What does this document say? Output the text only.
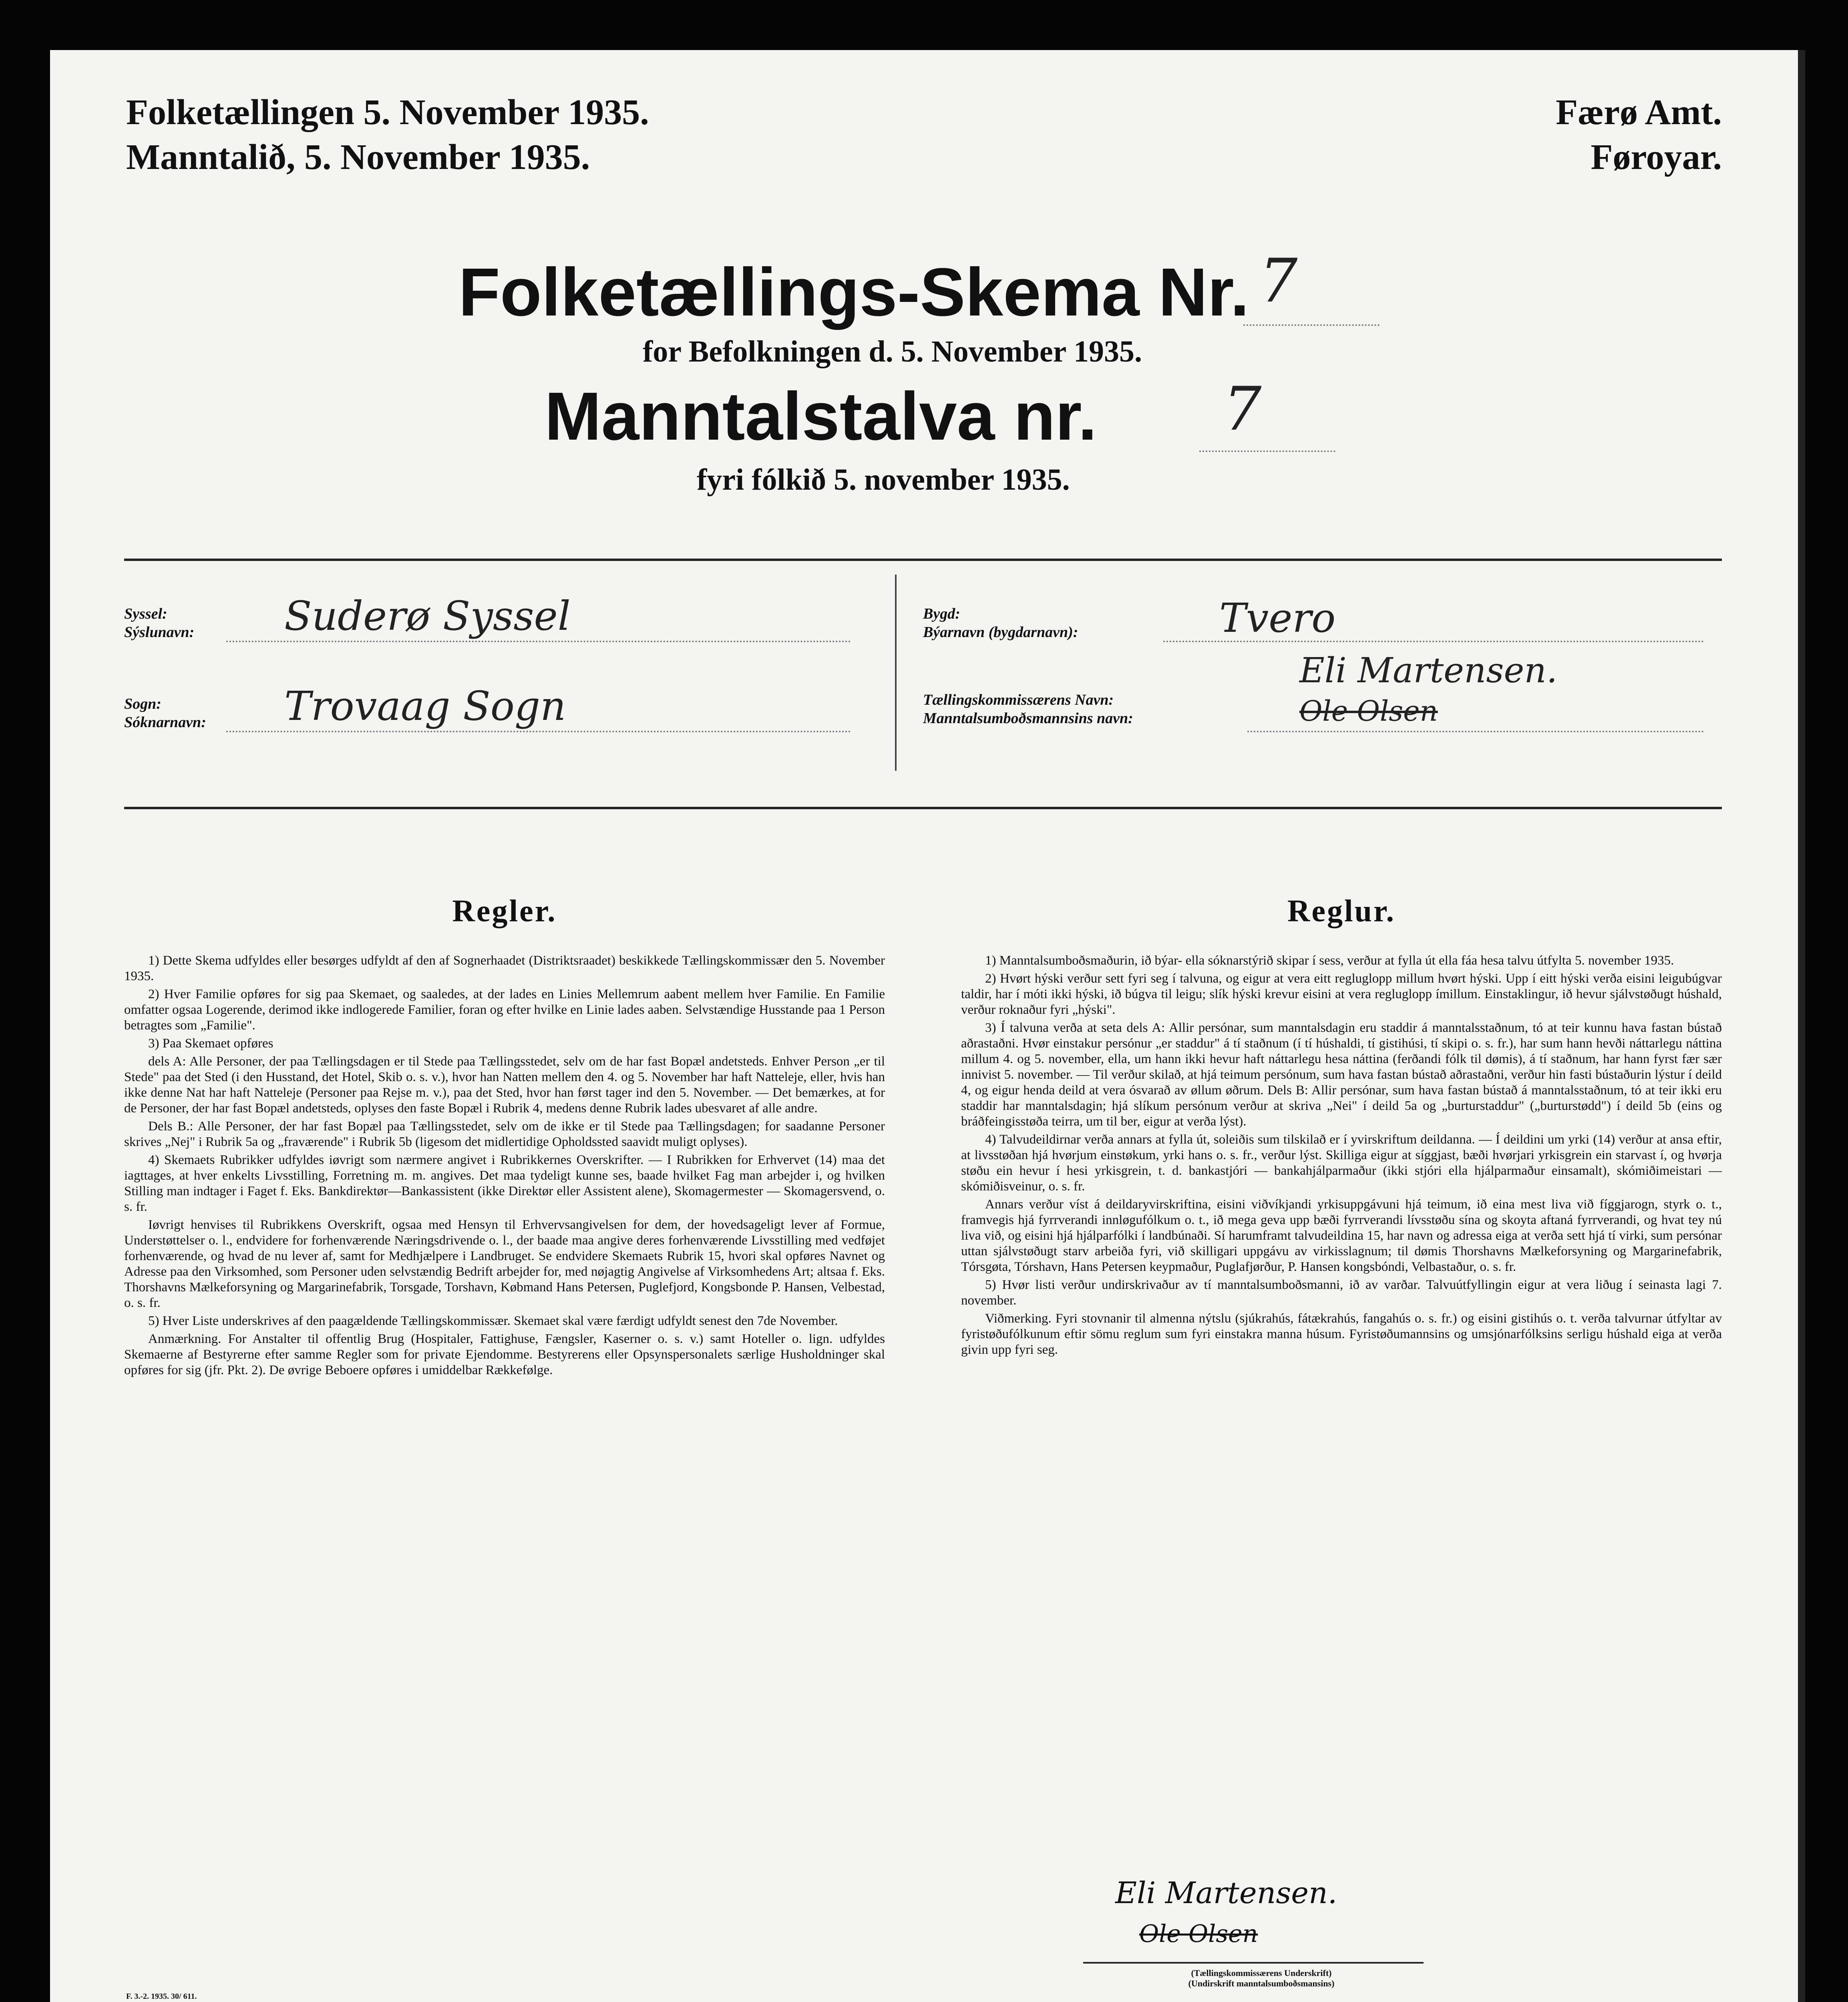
Folketællingen 5. November 1935.
Manntalið, 5. November 1935.
Færø Amt.
Føroyar.
Folketællings-Skema Nr. 7
for Befolkningen d. 5. November 1935.
Manntalstalva nr. 7
fyri fólkið 5. november 1935.
Syssel:
Sýslunavn: Suderø Syssel
Sogn:
Sóknarnavn: Trovaag Sogn
Bygd:
Býarnavn (bygdarnavn):	Tvero
Tællingskommissærens Navn:
Manntalsumboðsmannsins navn:
Eli Martensen.
Ole Olsen
Regler.

1) Dette Skema udfyldes eller besørges udfyldt af den af Sognerhaadet (Distriktsraadet) beskikkede Tællingskommissær den 5. November 1935.

2) Hver Familie opføres for sig paa Skemaet, og saaledes, at der lades en Linies Mellemrum aabent mellem hver Familie. En Familie omfatter ogsaa Logerende, derimod ikke indlogerede Familier, foran og efter hvilke en Linie lades aaben. Selvstændige Husstande paa 1 Person betragtes som „Familie".

3) Paa Skemaet opføres

dels A: Alle Personer, der paa Tællingsdagen er til Stede paa Tællingsstedet, selv om de har fast Bopæl andetsteds. Enhver Person „er til Stede" paa det Sted (i den Husstand, det Hotel, Skib o. s. v.), hvor han Natten mellem den 4. og 5. November har haft Natteleje, eller, hvis han ikke denne Nat har haft Natteleje (Personer paa Rejse m. v.), paa det Sted, hvor han først tager ind den 5. November. — Det bemærkes, at for de Personer, der har fast Bopæl andetsteds, oplyses den faste Bopæl i Rubrik 4, medens denne Rubrik lades ubesvaret af alle andre.

Dels B.: Alle Personer, der har fast Bopæl paa Tællingsstedet, selv om de ikke er til Stede paa Tællingsdagen; for saadanne Personer skrives „Nej" i Rubrik 5a og „fraværende" i Rubrik 5b (ligesom det midlertidige Opholdssted saavidt muligt oplyses).

4) Skemaets Rubrikker udfyldes iøvrigt som nærmere angivet i Rubrikkernes Overskrifter. — I Rubrikken for Erhvervet (14) maa det iagttages, at hver enkelts Livsstilling, Forretning m. m. angives. Det maa tydeligt kunne ses, baade hvilket Fag man arbejder i, og hvilken Stilling man indtager i Faget f. Eks. Bankdirektør—Bankassistent (ikke Direktør eller Assistent alene), Skomagermester — Skomagersvend, o. s. fr.

Iøvrigt henvises til Rubrikkens Overskrift, ogsaa med Hensyn til Erhvervsangivelsen for dem, der hovedsageligt lever af Formue, Understøttelser o. l., endvidere for forhenværende Næringsdrivende o. l., der baade maa angive deres forhenværende Livsstilling med vedføjet forhenværende, og hvad de nu lever af, samt for Medhjælpere i Landbruget. Se endvidere Skemaets Rubrik 15, hvori skal opføres Navnet og Adresse paa den Virksomhed, som Personer uden selvstændig Bedrift arbejder for, med nøjagtig Angivelse af Virksomhedens Art; altsaa f. Eks. Thorshavns Mælkeforsyning og Margarinefabrik, Torsgade, Torshavn, Købmand Hans Petersen, Puglefjord, Kongsbonde P. Hansen, Velbestad, o. s. fr.

5) Hver Liste underskrives af den paagældende Tællingskommissær. Skemaet skal være færdigt udfyldt senest den 7de November.

Anmærkning. For Anstalter til offentlig Brug (Hospitaler, Fattighuse, Fængsler, Kaserner o. s. v.) samt Hoteller o. lign. udfyldes Skemaerne af Bestyrerne efter samme Regler som for private Ejendomme. Bestyrerens eller Opsynspersonalets særlige Husholdninger skal opføres for sig (jfr. Pkt. 2). De øvrige Beboere opføres i umiddelbar Rækkefølge.

Reglur.

1) Manntalsumboðsmaðurin, ið býar- ella sóknarstýrið skipar í sess, verður at fylla út ella fáa hesa talvu útfylta 5. november 1935.

2) Hvørt hýski verður sett fyri seg í talvuna, og eigur at vera eitt regluglopp millum hvørt hýski. Upp í eitt hýski verða eisini leigubúgvar taldir, har í móti ikki hýski, ið búgva til leigu; slík hýski krevur eisini at vera regluglopp ímillum. Einstaklingur, ið hevur sjálvstøðugt húshald, verður roknaður fyri „hýski".

3) Í talvuna verða at seta dels A: Allir persónar, sum manntalsdagin eru staddir á manntalsstaðnum, tó at teir kunnu hava fastan bústað aðrastaðni. Hvør einstakur persónur „er staddur" á tí staðnum (í tí húshaldi, tí gistihúsi, tí skipi o. s. fr.), har sum hann hevði náttarlegu náttina millum 4. og 5. november, ella, um hann ikki hevur haft náttarlegu hesa náttina (ferðandi fólk til dømis), á tí staðnum, har hann fyrst fær sær innivist 5. november. — Til verður skilað, at hjá teimum persónum, sum hava fastan bústað aðrastaðni, verður hin fasti bústaðurin lýstur í deild 4, og eigur henda deild at vera ósvarað av øllum øðrum. Dels B: Allir persónar, sum hava fastan bústað á manntalsstaðnum, tó at teir ikki eru staddir har manntalsdagin; hjá slíkum persónum verður at skriva „Nei" í deild 5a og „burturstaddur" („burturstødd") í deild 5b (eins og bráðfeingisstøða teirra, um til ber, eigur at verða lýst).

4) Talvudeildirnar verða annars at fylla út, soleiðis sum tilskilað er í yvirskriftum deildanna. — Í deildini um yrki (14) verður at ansa eftir, at livsstøðan hjá hvørjum einstøkum, yrki hans o. s. fr., verður lýst. Skilliga eigur at síggjast, bæði hvørjari yrkisgrein ein starvast í, og hvørja støðu ein hevur í hesi yrkisgrein, t. d. bankastjóri — bankahjálparmaður (ikki stjóri ella hjálparmaður einsamalt), skómiðimeistari — skómiðisveinur, o. s. fr.

Annars verður víst á deildaryvirskriftina, eisini viðvíkjandi yrkisuppgávuni hjá teimum, ið eina mest liva við fíggjarogn, styrk o. t., framvegis hjá fyrrverandi innløgufólkum o. t., ið mega geva upp bæði fyrrverandi lívsstøðu sína og skoyta aftaná fyrrverandi, og hvat tey nú liva við, og eisini hjá hjálparfólki í landbúnaði. Sí harumframt talvudeildina 15, har navn og adressa eiga at verða sett hjá tí virki, sum persónar uttan sjálvstøðugt starv arbeiða fyri, við skilligari uppgávu av virkisslagnum; til dømis Thorshavns Mælkeforsyning og Margarinefabrik, Tórsgøta, Tórshavn, Hans Petersen keypmaður, Puglafjørður, P. Hansen kongsbóndi, Velbastaður, o. s. fr.

5) Hvør listi verður undirskrivaður av tí manntalsumboðsmanni, ið av varðar. Talvuútfyllingin eigur at vera liðug í seinasta lagi 7. november.

Viðmerking. Fyri stovnanir til almenna nýtslu (sjúkrahús, fátækrahús, fangahús o. s. fr.) og eisini gistihús o. t. verða talvurnar útfyltar av fyristøðufólkunum eftir sömu reglum sum fyri einstakra manna húsum. Fyristøðumannsins og umsjónarfólksins serligu húshald eiga at verða givin upp fyri seg.

Eli Martensen.
Ole Olsen
(Tællingskommissærens Underskrift)
(Undirskrift manntalsumboðsmansins)
F. 3.-2. 1935. 30/ 611.
